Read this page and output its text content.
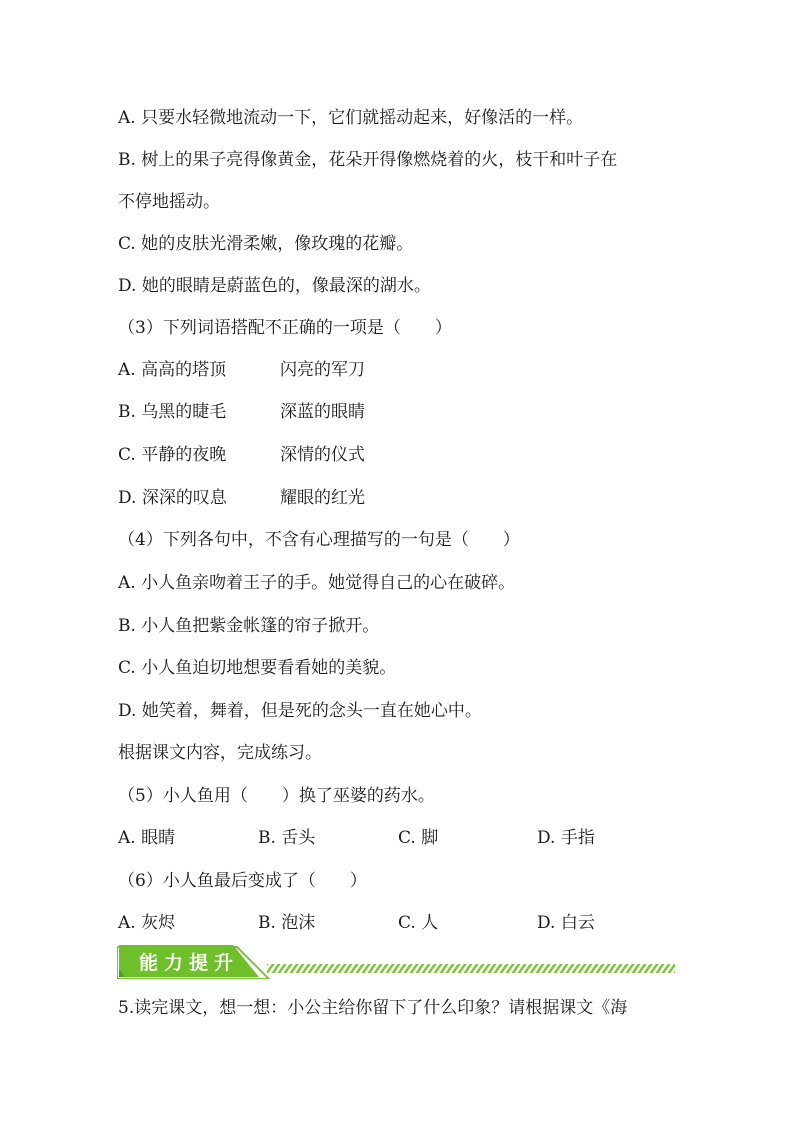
A. 只要水轻微地流动一下，它们就摇动起来，好像活的一样。
B. 树上的果子亮得像黄金，花朵开得像燃烧着的火，枝干和叶子在
不停地摇动。
C. 她的皮肤光滑柔嫩，像玫瑰的花瓣。
D. 她的眼睛是蔚蓝色的，像最深的湖水。
（3）下列词语搭配不正确的一项是（　　）
A. 高高的塔顶	闪亮的军刀
B. 乌黑的睫毛	深蓝的眼睛
C. 平静的夜晚	深情的仪式
D. 深深的叹息	耀眼的红光
（4）下列各句中，不含有心理描写的一句是（　　）
A. 小人鱼亲吻着王子的手。她觉得自己的心在破碎。
B. 小人鱼把紫金帐篷的帘子掀开。
C. 小人鱼迫切地想要看看她的美貌。
D. 她笑着，舞着，但是死的念头一直在她心中。
根据课文内容，完成练习。
（5）小人鱼用（　　）换了巫婆的药水。
A. 眼睛	B. 舌头	C. 脚	D. 手指
（6）小人鱼最后变成了（　　）
A. 灰烬	B. 泡沫	C. 人	D. 白云
能力提升
5.读完课文，想一想：小公主给你留下了什么印象？请根据课文《海
